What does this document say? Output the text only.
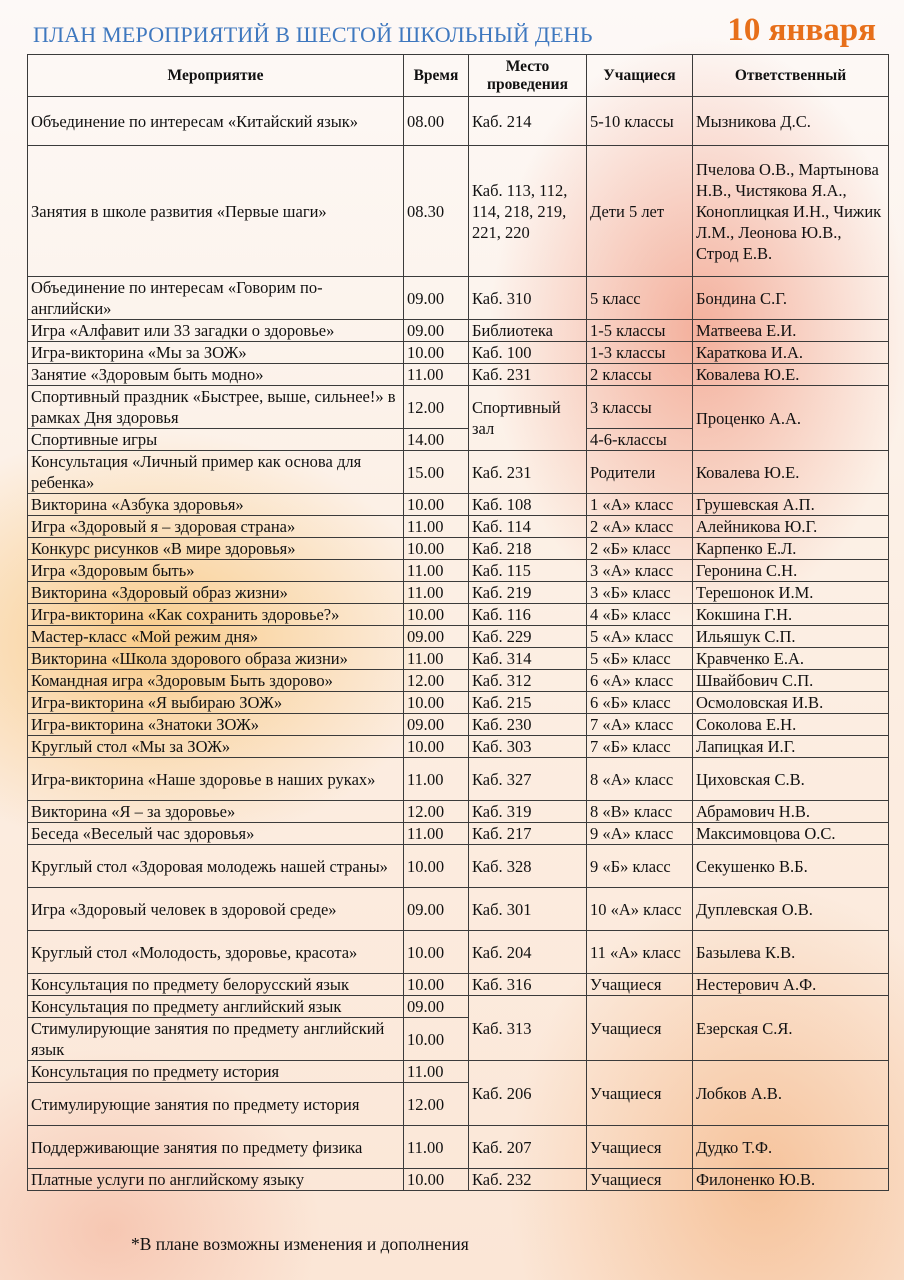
ПЛАН МЕРОПРИЯТИЙ В ШЕСТОЙ ШКОЛЬНЫЙ ДЕНЬ	10 января
Мероприятие	Время	Место проведения	Учащиеся	Ответственный
Объединение по интересам «Китайский язык»	08.00	Каб. 214	5-10 классы	Мызникова Д.С.
Занятия в школе развития «Первые шаги»	08.30	Каб. 113, 112, 114, 218, 219, 221, 220	Дети 5 лет	Пчелова О.В., Мартынова Н.В., Чистякова Я.А., Коноплицкая И.Н., Чижик Л.М., Леонова Ю.В., Строд Е.В.
Объединение по интересам «Говорим по-английски»	09.00	Каб. 310	5 класс	Бондина С.Г.
Игра «Алфавит или 33 загадки о здоровье»	09.00	Библиотека	1-5 классы	Матвеева Е.И.
Игра-викторина «Мы за ЗОЖ»	10.00	Каб. 100	1-3 классы	Караткова И.А.
Занятие «Здоровым быть модно»	11.00	Каб. 231	2 классы	Ковалева Ю.Е.
Спортивный праздник «Быстрее, выше, сильнее!» в рамках Дня здоровья	12.00	Спортивный зал	3 классы	Проценко А.А.
Спортивные игры	14.00		4-6-классы	
Консультация «Личный пример как основа для ребенка»	15.00	Каб. 231	Родители	Ковалева Ю.Е.
Викторина «Азбука здоровья»	10.00	Каб. 108	1 «А» класс	Грушевская А.П.
Игра «Здоровый я – здоровая страна»	11.00	Каб. 114	2 «А» класс	Алейникова Ю.Г.
Конкурс рисунков «В мире здоровья»	10.00	Каб. 218	2 «Б» класс	Карпенко Е.Л.
Игра «Здоровым быть»	11.00	Каб. 115	3 «А» класс	Геронина С.Н.
Викторина «Здоровый образ жизни»	11.00	Каб. 219	3 «Б» класс	Терешонок И.М.
Игра-викторина «Как сохранить здоровье?»	10.00	Каб. 116	4 «Б» класс	Кокшина Г.Н.
Мастер-класс «Мой режим дня»	09.00	Каб. 229	5 «А» класс	Ильяшук С.П.
Викторина «Школа здорового образа жизни»	11.00	Каб. 314	5 «Б» класс	Кравченко Е.А.
Командная игра «Здоровым Быть здорово»	12.00	Каб. 312	6 «А» класс	Швайбович С.П.
Игра-викторина «Я выбираю ЗОЖ»	10.00	Каб. 215	6 «Б» класс	Осмоловская И.В.
Игра-викторина «Знатоки ЗОЖ»	09.00	Каб. 230	7 «А» класс	Соколова Е.Н.
Круглый стол «Мы за ЗОЖ»	10.00	Каб. 303	7 «Б» класс	Лапицкая И.Г.
Игра-викторина «Наше здоровье в наших руках»	11.00	Каб. 327	8 «А» класс	Циховская С.В.
Викторина «Я – за здоровье»	12.00	Каб. 319	8 «В» класс	Абрамович Н.В.
Беседа «Веселый час здоровья»	11.00	Каб. 217	9 «А» класс	Максимовцова О.С.
Круглый стол «Здоровая молодежь нашей страны»	10.00	Каб. 328	9 «Б» класс	Секушенко В.Б.
Игра «Здоровый человек в здоровой среде»	09.00	Каб. 301	10 «А» класс	Дуплевская О.В.
Круглый стол «Молодость, здоровье, красота»	10.00	Каб. 204	11 «А» класс	Базылева К.В.
Консультация по предмету белорусский язык	10.00	Каб. 316	Учащиеся	Нестерович А.Ф.
Консультация по предмету английский язык	09.00	Каб. 313	Учащиеся	Езерская С.Я.
Стимулирующие занятия по предмету английский язык	10.00			
Консультация по предмету история	11.00	Каб. 206	Учащиеся	Лобков А.В.
Стимулирующие занятия по предмету история	12.00			
Поддерживающие занятия по предмету физика	11.00	Каб. 207	Учащиеся	Дудко Т.Ф.
Платные услуги по английскому языку	10.00	Каб. 232	Учащиеся	Филоненко Ю.В.
*В плане возможны изменения и дополнения
